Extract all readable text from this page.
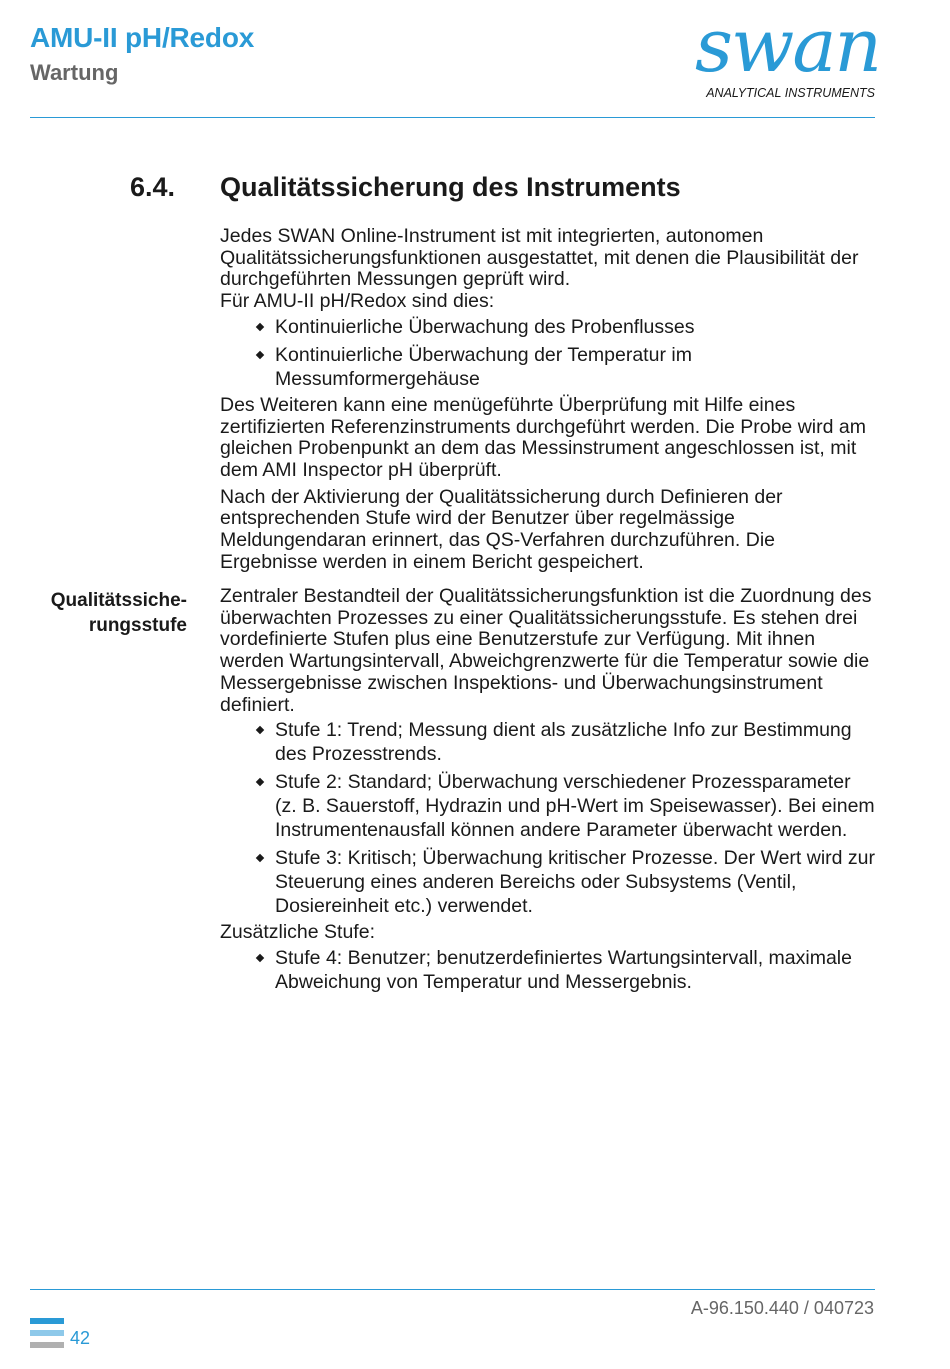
AMU-II pH/Redox
Wartung	swan
ANALYTICAL INSTRUMENTS
6.4. Qualitätssicherung des Instruments

Jedes SWAN Online-Instrument ist mit integrierten, autonomen Qualitätssicherungsfunktionen ausgestattet, mit denen die Plausibilität der durchgeführten Messungen geprüft wird.

Für AMU-II pH/Redox sind dies:

Kontinuierliche Überwachung des Probenflusses
Kontinuierliche Überwachung der Temperatur im Messumformergehäuse

Des Weiteren kann eine menügeführte Überprüfung mit Hilfe eines zertifizierten Referenzinstruments durchgeführt werden. Die Probe wird am gleichen Probenpunkt an dem das Messinstrument angeschlossen ist, mit dem AMI Inspector pH überprüft.

Nach der Aktivierung der Qualitätssicherung durch Definieren der entsprechenden Stufe wird der Benutzer über regelmässige Meldungendaran erinnert, das QS-Verfahren durchzuführen. Die Ergebnisse werden in einem Bericht gespeichert.

Qualitätssiche-
rungsstufe

Zentraler Bestandteil der Qualitätssicherungsfunktion ist die Zuordnung des überwachten Prozesses zu einer Qualitätssicherungsstufe. Es stehen drei vordefinierte Stufen plus eine Benutzerstufe zur Verfügung. Mit ihnen werden Wartungsintervall, Abweichgrenzwerte für die Temperatur sowie die Messergebnisse zwischen Inspektions- und Überwachungsinstrument definiert.

Stufe 1: Trend; Messung dient als zusätzliche Info zur Bestimmung des Prozesstrends.
Stufe 2: Standard; Überwachung verschiedener Prozessparameter (z. B. Sauerstoff, Hydrazin und pH-Wert im Speisewasser). Bei einem Instrumentenausfall können andere Parameter überwacht werden.
Stufe 3: Kritisch; Überwachung kritischer Prozesse. Der Wert wird zur Steuerung eines anderen Bereichs oder Subsystems (Ventil, Dosiereinheit etc.) verwendet.

Zusätzliche Stufe:

Stufe 4: Benutzer; benutzerdefiniertes Wartungsintervall, maximale Abweichung von Temperatur und Messergebnis.
A-96.150.440 / 040723
42
